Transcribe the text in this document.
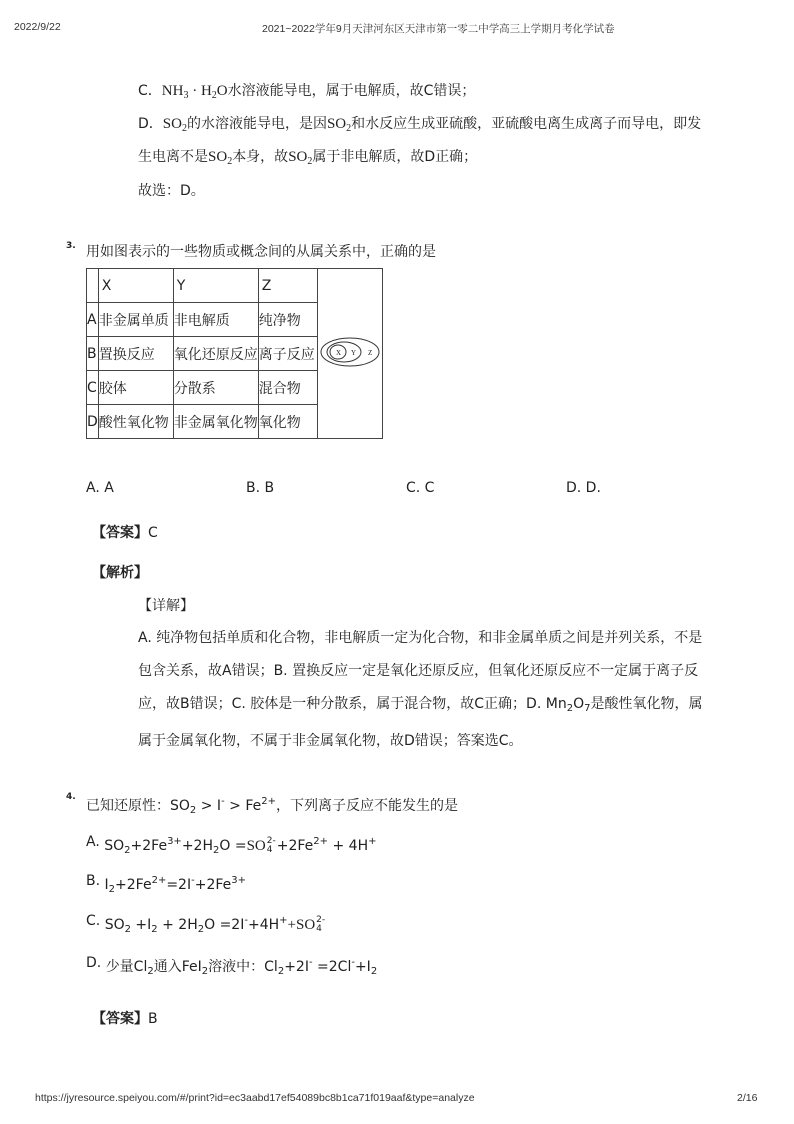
2022/9/22	2021~2022学年9月天津河东区天津市第一零二中学高三上学期月考化学试卷
C．$NH_3 \cdot H_2O$水溶液能导电，属于电解质，故C错误；
D．$SO_2$的水溶液能导电，是因$SO_2$和水反应生成亚硫酸，亚硫酸电离生成离子而导电，即发
生电离不是$SO_2$本身，故$SO_2$属于非电解质，故D正确；
故选：D。
3. 用如图表示的一些物质或概念间的从属关系中，正确的是
	X	Y	Z	X Y Z

A	非金属单质	非电解质	纯净物	
B	置换反应	氧化还原反应	离子反应	
C	胶体	分散系	混合物	
D	酸性氧化物	非金属氧化物	氧化物	
A. A	B. B	C. C	D. D.
【答案】C
【解析】
【详解】
A. 纯净物包括单质和化合物，非电解质一定为化合物，和非金属单质之间是并列关系，不是
包含关系，故A错误；B. 置换反应一定是氧化还原反应，但氧化还原反应不一定属于离子反
应，故B错误；C. 胶体是一种分散系，属于混合物，故C正确；D. $Mn_2O_7$是酸性氧化物，属
属于金属氧化物，不属于非金属氧化物，故D错误；答案选C。
4.
已知还原性：$SO_2 > I^- > Fe^{2+}$，下列离子反应不能发生的是
A. $SO_2+2Fe^{3+}+2H_2O =SO$ 2-
$4 +2Fe^{2+} + 4H^+$
B. $I_2+2Fe^{2+}=2I^-+2Fe^{3+}$
C. $SO_2 +I_2 + 2H_2O =2I^-+4H^++SO$ 2-
4
D. 少量$Cl_2$通入FeI$_2$溶液中：$Cl_2+2I^- =2Cl^-+I_2$
【答案】B
https://jyresource.speiyou.com/#/print?id=ec3aabd17ef54089bc8b1ca71f019aaf&type=analyze	2/16
